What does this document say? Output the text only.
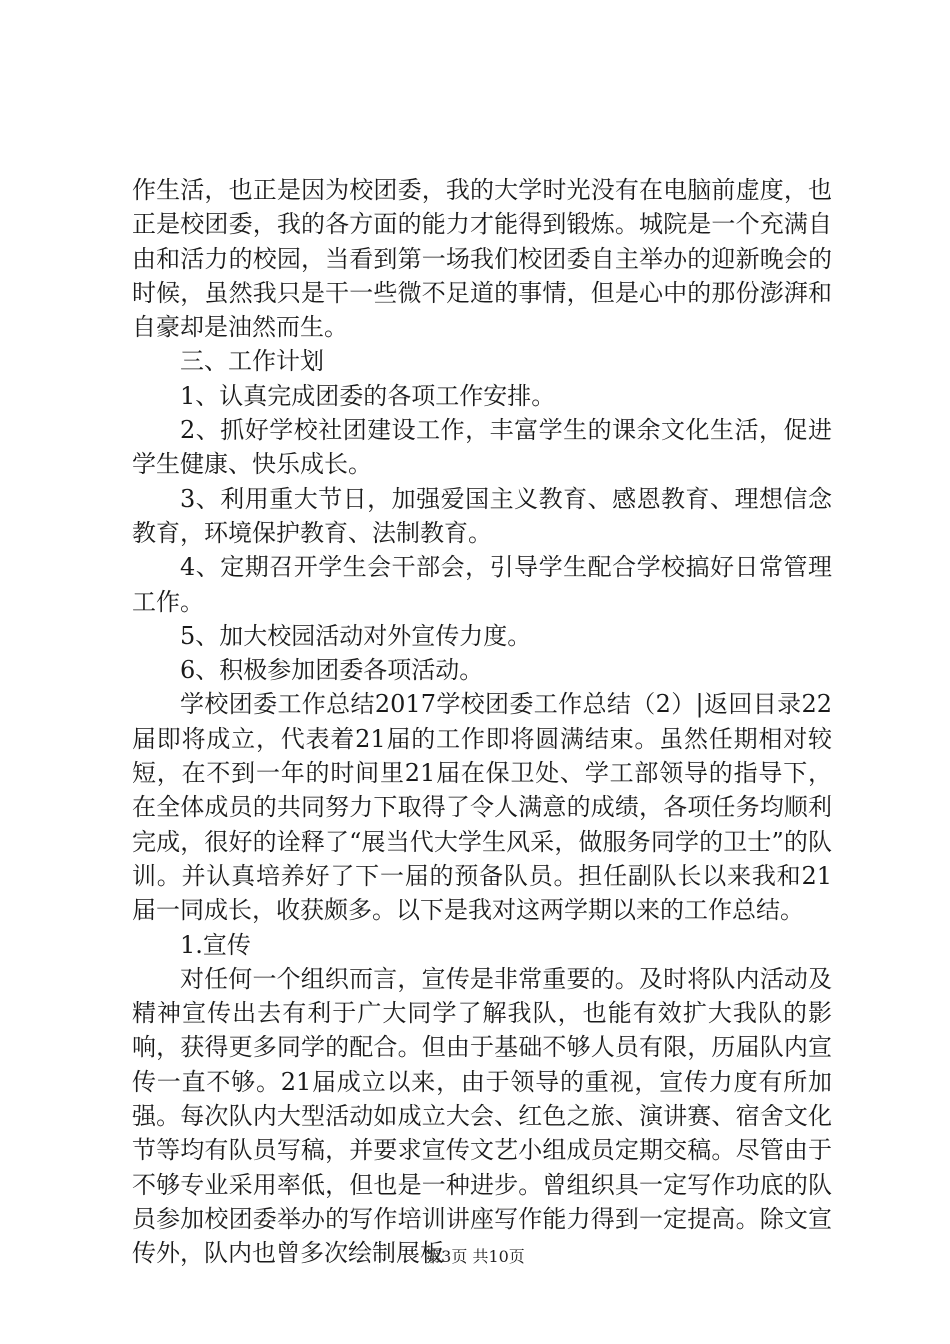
作生活，也正是因为校团委，我的大学时光没有在电脑前虚度，也正是校团委，我的各方面的能力才能得到锻炼。城院是一个充满自由和活力的校园，当看到第一场我们校团委自主举办的迎新晚会的时候，虽然我只是干一些微不足道的事情，但是心中的那份澎湃和自豪却是油然而生。

三、工作计划

1、认真完成团委的各项工作安排。

2、抓好学校社团建设工作，丰富学生的课余文化生活，促进学生健康、快乐成长。

3、利用重大节日，加强爱国主义教育、感恩教育、理想信念教育，环境保护教育、法制教育。

4、定期召开学生会干部会，引导学生配合学校搞好日常管理工作。

5、加大校园活动对外宣传力度。

6、积极参加团委各项活动。

学校团委工作总结2017学校团委工作总结（2）|返回目录22届即将成立，代表着21届的工作即将圆满结束。虽然任期相对较短，在不到一年的时间里21届在保卫处、学工部领导的指导下，在全体成员的共同努力下取得了令人满意的成绩，各项任务均顺利完成，很好的诠释了“展当代大学生风采，做服务同学的卫士”的队训。并认真培养好了下一届的预备队员。担任副队长以来我和21届一同成长，收获颇多。以下是我对这两学期以来的工作总结。

1.宣传

对任何一个组织而言，宣传是非常重要的。及时将队内活动及精神宣传出去有利于广大同学了解我队，也能有效扩大我队的影响，获得更多同学的配合。但由于基础不够人员有限，历届队内宣传一直不够。21届成立以来，由于领导的重视，宣传力度有所加强。每次队内大型活动如成立大会、红色之旅、演讲赛、宿舍文化节等均有队员写稿，并要求宣传文艺小组成员定期交稿。尽管由于不够专业采用率低，但也是一种进步。曾组织具一定写作功底的队员参加校团委举办的写作培训讲座写作能力得到一定提高。除文宣传外，队内也曾多次绘制展板

第3页 共10页
